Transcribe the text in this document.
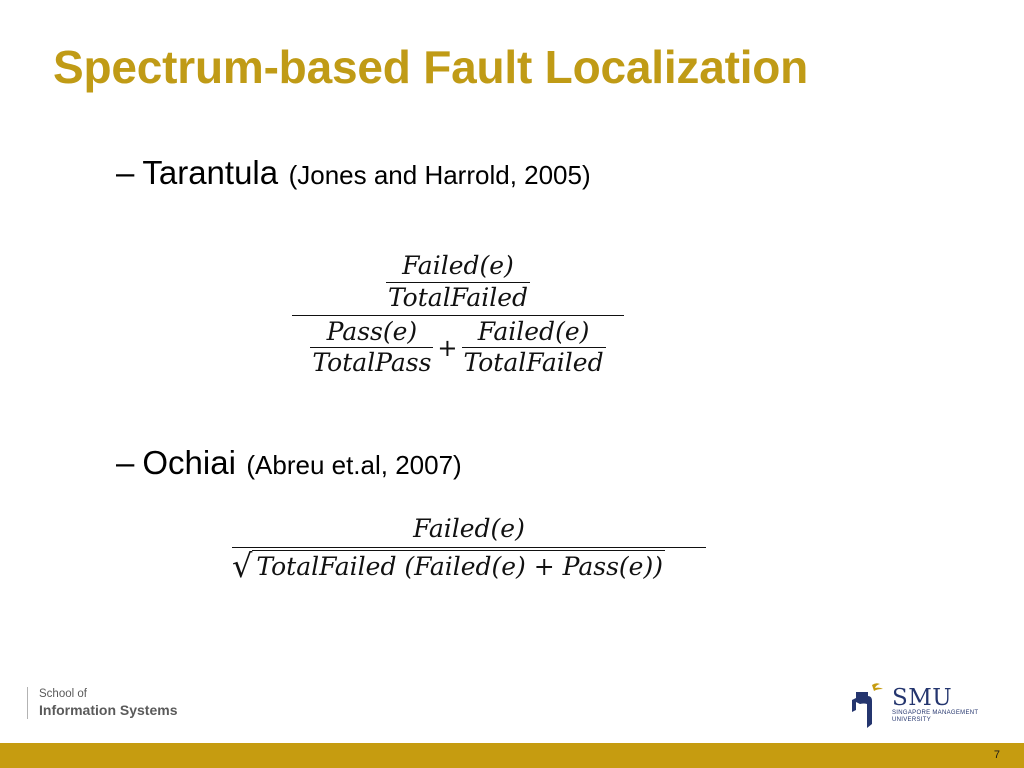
Spectrum-based Fault Localization
– Tarantula (Jones and Harrold, 2005)
$\frac{\text{Failed(e)}}{\text{TotalFailed}}$
$\frac{\text{Pass(e)}}{\text{TotalPass}} + \frac{\text{Failed(e)}}{\text{TotalFailed}}$
– Ochiai (Abreu et.al, 2007)
Failed(e)
√ TotalFailed (Failed(e) + Pass(e))
School of
Information Systems	SMU
SINGAPORE MANAGEMENT
UNIVERSITY
7
